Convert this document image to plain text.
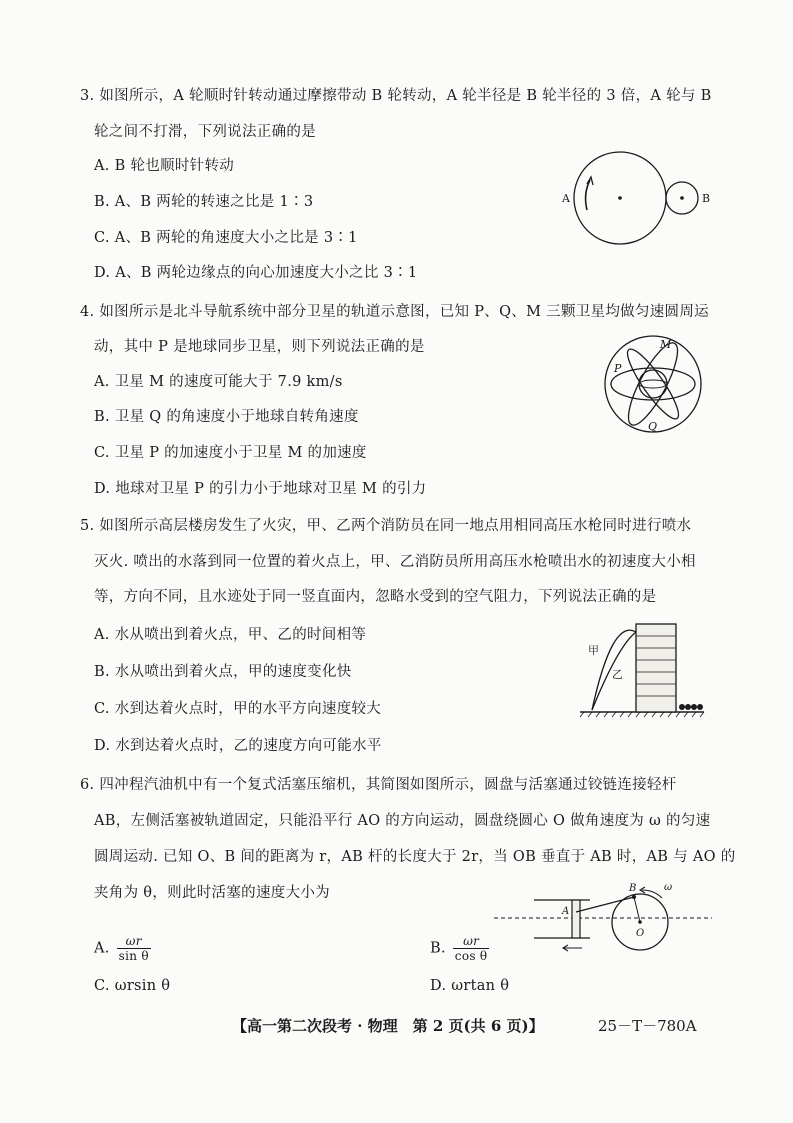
3. 如图所示，A 轮顺时针转动通过摩擦带动 B 轮转动，A 轮半径是 B 轮半径的 3 倍，A 轮与 B
轮之间不打滑，下列说法正确的是
A. B 轮也顺时针转动
B. A、B 两轮的转速之比是 1∶3
C. A、B 两轮的角速度大小之比是 3∶1
D. A、B 两轮边缘点的向心加速度大小之比 3∶1
A	B
4. 如图所示是北斗导航系统中部分卫星的轨道示意图，已知 P、Q、M 三颗卫星均做匀速圆周运
动，其中 P 是地球同步卫星，则下列说法正确的是
A. 卫星 M 的速度可能大于 7.9 km/s
B. 卫星 Q 的角速度小于地球自转角速度
C. 卫星 P 的加速度小于卫星 M 的加速度
D. 地球对卫星 P 的引力小于地球对卫星 M 的引力
M
P
Q
5. 如图所示高层楼房发生了火灾，甲、乙两个消防员在同一地点用相同高压水枪同时进行喷水
灭火. 喷出的水落到同一位置的着火点上，甲、乙消防员所用高压水枪喷出水的初速度大小相
等，方向不同，且水迹处于同一竖直面内，忽略水受到的空气阻力，下列说法正确的是
A. 水从喷出到着火点，甲、乙的时间相等
B. 水从喷出到着火点，甲的速度变化快
C. 水到达着火点时，甲的水平方向速度较大
D. 水到达着火点时，乙的速度方向可能水平
甲
乙
6. 四冲程汽油机中有一个复式活塞压缩机，其简图如图所示，圆盘与活塞通过铰链连接轻杆
AB，左侧活塞被轨道固定，只能沿平行 AO 的方向运动，圆盘绕圆心 O 做角速度为 ω 的匀速
圆周运动. 已知 O、B 间的距离为 r，AB 杆的长度大于 2r，当 OB 垂直于 AB 时，AB 与 AO 的
夹角为 θ，则此时活塞的速度大小为
A. $\frac{\omega r}{\text{sin θ}}$	B. $\frac{\omega r}{\text{cos θ}}$
C. ωrsin θ	D. ωrtan θ
A
B
O
ω
【高一第二次段考 · 物理　第 2 页(共 6 页)】	25－T－780A
